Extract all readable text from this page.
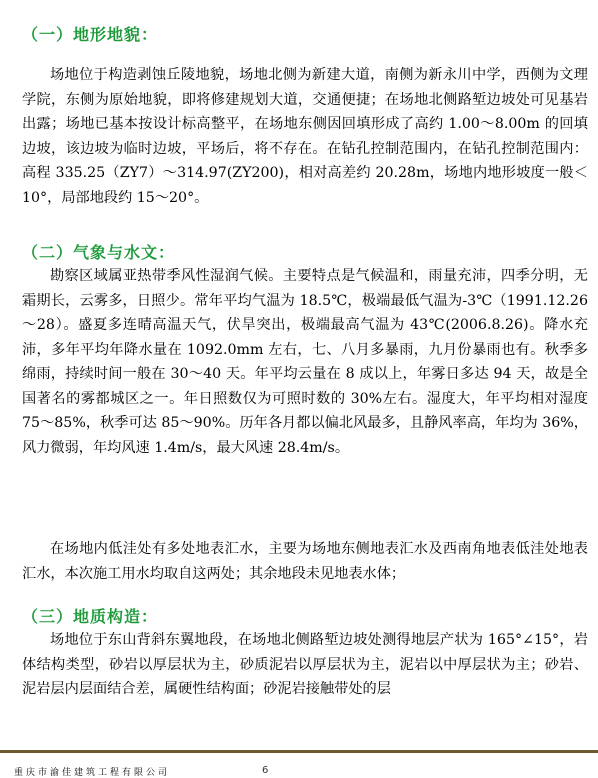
（一）地形地貌：
场地位于构造剥蚀丘陵地貌，场地北侧为新建大道，南侧为新永川中学，西侧为文理学院，东侧为原始地貌，即将修建规划大道，交通便捷；在场地北侧路堑边坡处可见基岩出露；场地已基本按设计标高整平，在场地东侧因回填形成了高约 1.00～8.00m 的回填边坡，该边坡为临时边坡，平场后，将不存在。在钻孔控制范围内，在钻孔控制范围内：高程 335.25（ZY7）～314.97(ZY200)，相对高差约 20.28m，场地内地形坡度一般＜10°，局部地段约 15～20°。
（二）气象与水文：
勘察区域属亚热带季风性湿润气候。主要特点是气候温和，雨量充沛，四季分明，无霜期长，云雾多，日照少。常年平均气温为 18.5℃，极端最低气温为-3℃（1991.12.26～28）。盛夏多连晴高温天气，伏旱突出，极端最高气温为 43℃(2006.8.26)。降水充沛，多年平均年降水量在 1092.0mm 左右，七、八月多暴雨，九月份暴雨也有。秋季多绵雨，持续时间一般在 30～40 天。年平均云量在 8 成以上，年雾日多达 94 天，故是全国著名的雾都城区之一。年日照数仅为可照时数的 30%左右。湿度大，年平均相对湿度 75～85%，秋季可达 85～90%。历年各月都以偏北风最多，且静风率高，年均为 36%，风力微弱，年均风速 1.4m/s，最大风速 28.4m/s。
在场地内低洼处有多处地表汇水，主要为场地东侧地表汇水及西南角地表低洼处地表汇水，本次施工用水均取自这两处；其余地段未见地表水体；
（三）地质构造：
场地位于东山背斜东翼地段，在场地北侧路堑边坡处测得地层产状为 165°∠15°，岩体结构类型，砂岩以厚层状为主，砂质泥岩以厚层状为主，泥岩以中厚层状为主；砂岩、泥岩层内层面结合差，属硬性结构面；砂泥岩接触带处的层
重庆市渝佳建筑工程有限公司	6
